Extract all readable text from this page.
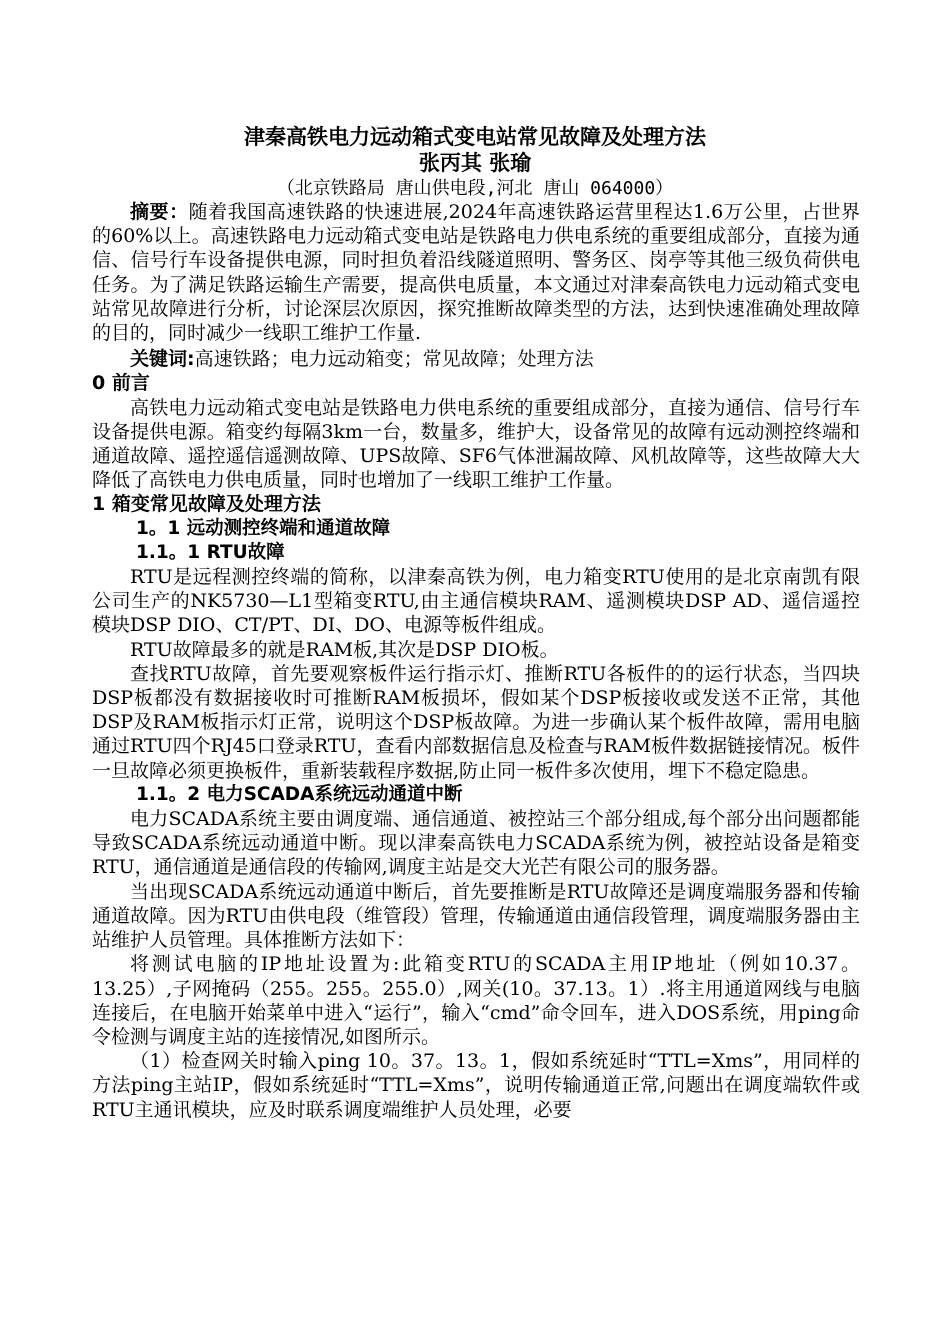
津秦高铁电力远动箱式变电站常见故障及处理方法
张丙其 张瑜
（北京铁路局 唐山供电段,河北 唐山 064000）

摘要：随着我国高速铁路的快速进展,2024年高速铁路运营里程达1.6万公里，占世界的60%以上。高速铁路电力远动箱式变电站是铁路电力供电系统的重要组成部分，直接为通信、信号行车设备提供电源，同时担负着沿线隧道照明、警务区、岗亭等其他三级负荷供电任务。为了满足铁路运输生产需要，提高供电质量，本文通过对津秦高铁电力远动箱式变电站常见故障进行分析，讨论深层次原因，探究推断故障类型的方法，达到快速准确处理故障的目的，同时减少一线职工维护工作量.

关键词:高速铁路；电力远动箱变；常见故障；处理方法

0 前言

高铁电力远动箱式变电站是铁路电力供电系统的重要组成部分，直接为通信、信号行车设备提供电源。箱变约每隔3km一台，数量多，维护大，设备常见的故障有远动测控终端和通道故障、遥控遥信遥测故障、UPS故障、SF6气体泄漏故障、风机故障等，这些故障大大降低了高铁电力供电质量，同时也增加了一线职工维护工作量。

1 箱变常见故障及处理方法

1。1 远动测控终端和通道故障

1.1。1 RTU故障

RTU是远程测控终端的简称，以津秦高铁为例，电力箱变RTU使用的是北京南凯有限公司生产的NK5730—L1型箱变RTU,由主通信模块RAM、遥测模块DSP AD、遥信遥控模块DSP DIO、CT/PT、DI、DO、电源等板件组成。

RTU故障最多的就是RAM板,其次是DSP DIO板。

查找RTU故障，首先要观察板件运行指示灯、推断RTU各板件的的运行状态，当四块DSP板都没有数据接收时可推断RAM板损坏，假如某个DSP板接收或发送不正常，其他DSP及RAM板指示灯正常，说明这个DSP板故障。为进一步确认某个板件故障，需用电脑通过RTU四个RJ45口登录RTU，查看内部数据信息及检查与RAM板件数据链接情况。板件一旦故障必须更换板件，重新装载程序数据,防止同一板件多次使用，埋下不稳定隐患。

1.1。2 电力SCADA系统远动通道中断

电力SCADA系统主要由调度端、通信通道、被控站三个部分组成,每个部分出问题都能导致SCADA系统远动通道中断。现以津秦高铁电力SCADA系统为例，被控站设备是箱变RTU，通信通道是通信段的传输网,调度主站是交大光芒有限公司的服务器。

当出现SCADA系统远动通道中断后，首先要推断是RTU故障还是调度端服务器和传输通道故障。因为RTU由供电段（维管段）管理，传输通道由通信段管理，调度端服务器由主站维护人员管理。具体推断方法如下：

将测试电脑的IP地址设置为:此箱变RTU的SCADA主用IP地址（例如10.37。13.25）,子网掩码（255。255。255.0）,网关(10。37.13。1）.将主用通道网线与电脑连接后，在电脑开始菜单中进入“运行”，输入“cmd”命令回车，进入DOS系统，用ping命令检测与调度主站的连接情况,如图所示。

（1）检查网关时输入ping 10。37。13。1，假如系统延时“TTL=Xms”，用同样的方法ping主站IP，假如系统延时“TTL=Xms”，说明传输通道正常,问题出在调度端软件或RTU主通讯模块，应及时联系调度端维护人员处理，必要
